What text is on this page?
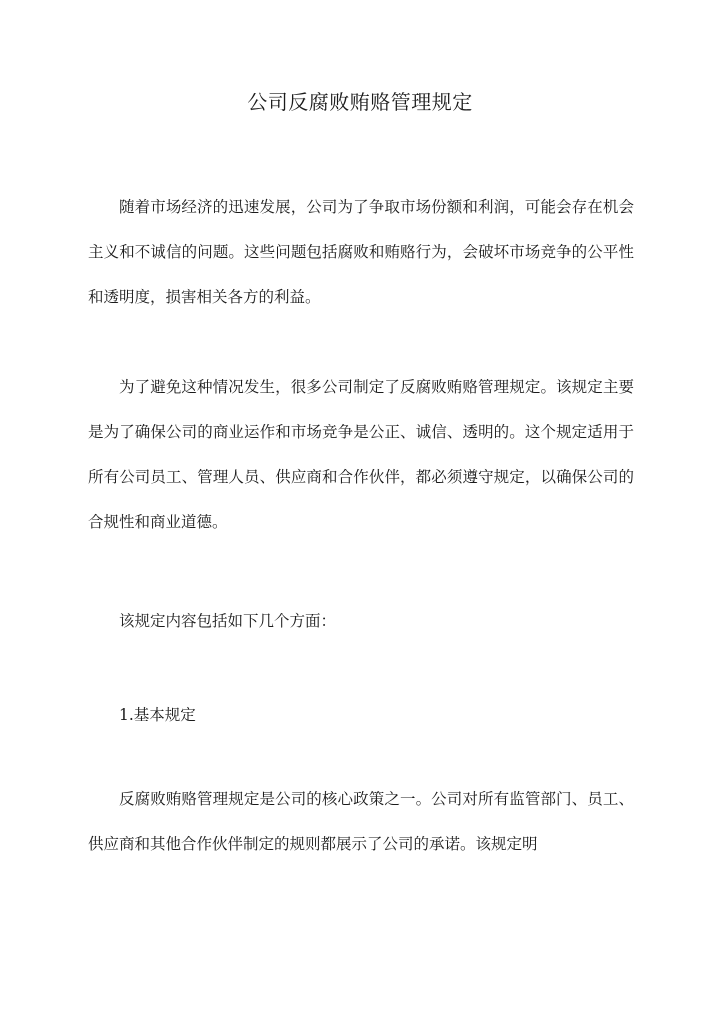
公司反腐败贿赂管理规定

随着市场经济的迅速发展，公司为了争取市场份额和利润，可能会存在机会主义和不诚信的问题。这些问题包括腐败和贿赂行为，会破坏市场竞争的公平性和透明度，损害相关各方的利益。

为了避免这种情况发生，很多公司制定了反腐败贿赂管理规定。该规定主要是为了确保公司的商业运作和市场竞争是公正、诚信、透明的。这个规定适用于所有公司员工、管理人员、供应商和合作伙伴，都必须遵守规定，以确保公司的合规性和商业道德。

该规定内容包括如下几个方面：

1.基本规定

反腐败贿赂管理规定是公司的核心政策之一。公司对所有监管部门、员工、供应商和其他合作伙伴制定的规则都展示了公司的承诺。该规定明
